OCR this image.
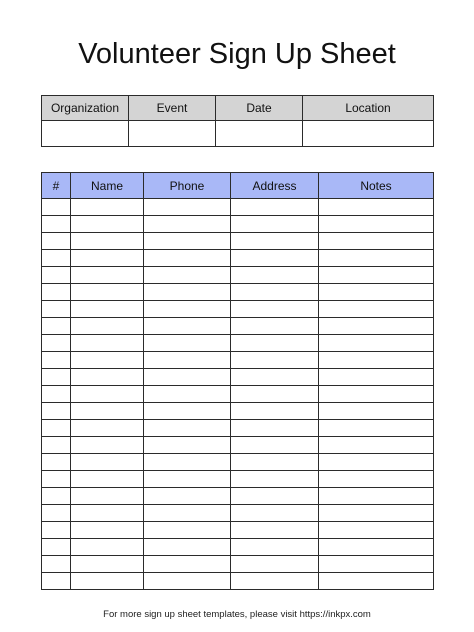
Volunteer Sign Up Sheet
Organization	Event	Date	Location

#	Name	Phone	Address	Notes

For more sign up sheet templates, please visit https://inkpx.com
